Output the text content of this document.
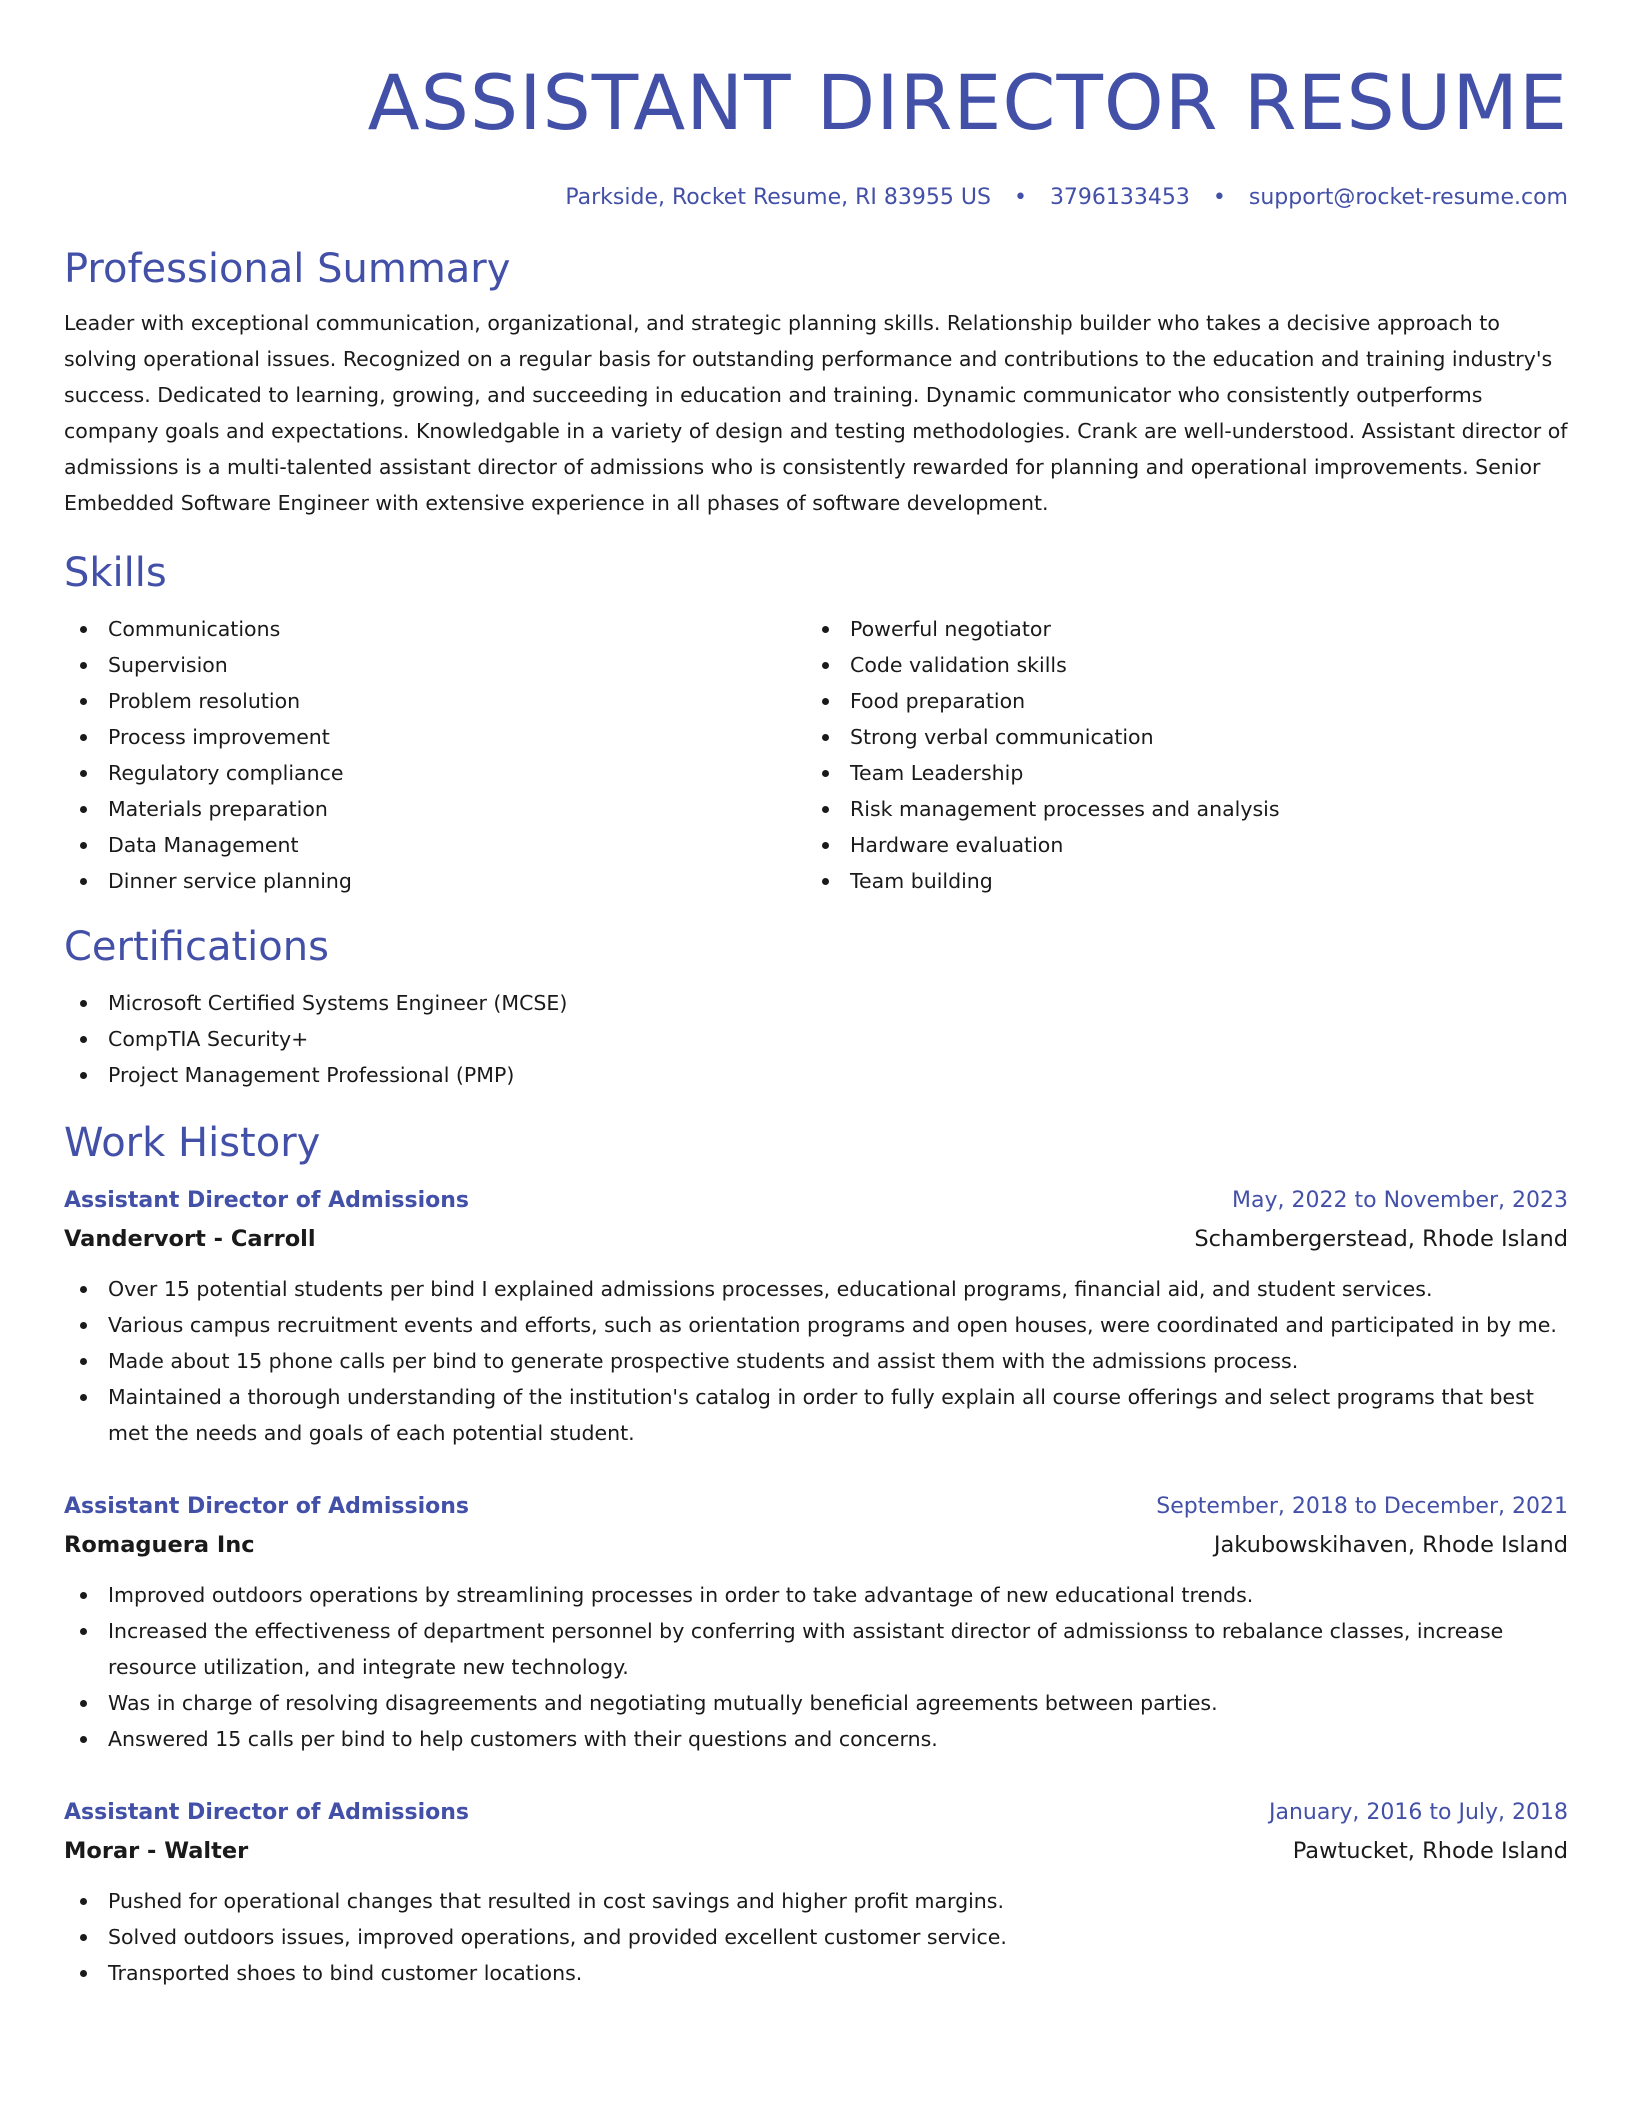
ASSISTANT DIRECTOR RESUME
Parkside, Rocket Resume, RI 83955 US • 3796133453 • support@rocket-resume.com
Professional Summary
Leader with exceptional communication, organizational, and strategic planning skills. Relationship builder who takes a decisive approach to solving operational issues. Recognized on a regular basis for outstanding performance and contributions to the education and training industry's success. Dedicated to learning, growing, and succeeding in education and training. Dynamic communicator who consistently outperforms company goals and expectations. Knowledgable in a variety of design and testing methodologies. Crank are well-understood. Assistant director of admissions is a multi-talented assistant director of admissions who is consistently rewarded for planning and operational improvements. Senior Embedded Software Engineer with extensive experience in all phases of software development.
Skills
Communications
Supervision
Problem resolution
Process improvement
Regulatory compliance
Materials preparation
Data Management
Dinner service planning
Powerful negotiator
Code validation skills
Food preparation
Strong verbal communication
Team Leadership
Risk management processes and analysis
Hardware evaluation
Team building
Certifications
Microsoft Certified Systems Engineer (MCSE)
CompTIA Security+
Project Management Professional (PMP)
Work History
Assistant Director of Admissions	May, 2022 to November, 2023
Vandervort - Carroll	Schambergerstead, Rhode Island
Over 15 potential students per bind I explained admissions processes, educational programs, financial aid, and student services.
Various campus recruitment events and efforts, such as orientation programs and open houses, were coordinated and participated in by me.
Made about 15 phone calls per bind to generate prospective students and assist them with the admissions process.
Maintained a thorough understanding of the institution's catalog in order to fully explain all course offerings and select programs that best met the needs and goals of each potential student.
Assistant Director of Admissions	September, 2018 to December, 2021
Romaguera Inc	Jakubowskihaven, Rhode Island
Improved outdoors operations by streamlining processes in order to take advantage of new educational trends.
Increased the effectiveness of department personnel by conferring with assistant director of admissionss to rebalance classes, increase resource utilization, and integrate new technology.
Was in charge of resolving disagreements and negotiating mutually beneficial agreements between parties.
Answered 15 calls per bind to help customers with their questions and concerns.
Assistant Director of Admissions	January, 2016 to July, 2018
Morar - Walter	Pawtucket, Rhode Island
Pushed for operational changes that resulted in cost savings and higher profit margins.
Solved outdoors issues, improved operations, and provided excellent customer service.
Transported shoes to bind customer locations.
